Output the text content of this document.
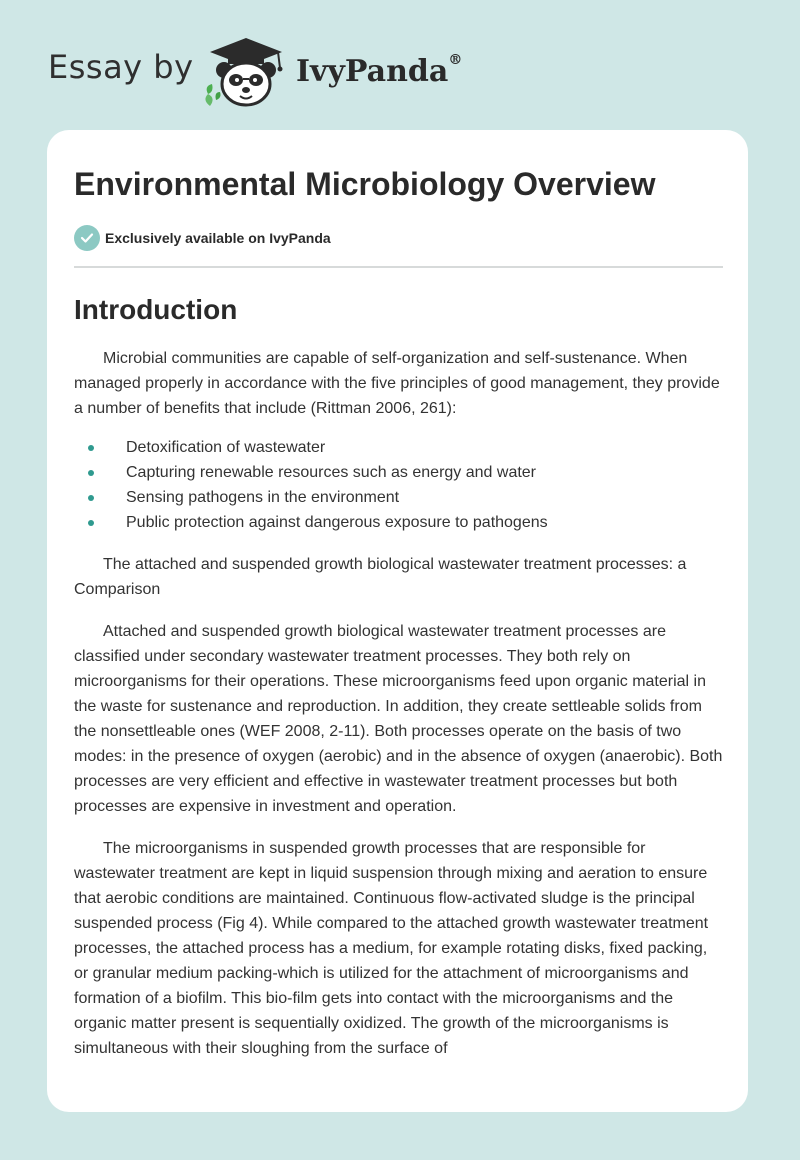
Essay by	IvyPanda®
Environmental Microbiology Overview
Exclusively available on IvyPanda
Introduction

Microbial communities are capable of self-organization and self-sustenance. When managed properly in accordance with the five principles of good management, they provide a number of benefits that include (Rittman 2006, 261):

Detoxification of wastewater
Capturing renewable resources such as energy and water
Sensing pathogens in the environment
Public protection against dangerous exposure to pathogens

The attached and suspended growth biological wastewater treatment processes: a Comparison

Attached and suspended growth biological wastewater treatment processes are classified under secondary wastewater treatment processes. They both rely on microorganisms for their operations. These microorganisms feed upon organic material in the waste for sustenance and reproduction. In addition, they create settleable solids from the nonsettleable ones (WEF 2008, 2-11). Both processes operate on the basis of two modes: in the presence of oxygen (aerobic) and in the absence of oxygen (anaerobic). Both processes are very efficient and effective in wastewater treatment processes but both processes are expensive in investment and operation.

The microorganisms in suspended growth processes that are responsible for wastewater treatment are kept in liquid suspension through mixing and aeration to ensure that aerobic conditions are maintained. Continuous flow-activated sludge is the principal suspended process (Fig 4). While compared to the attached growth wastewater treatment processes, the attached process has a medium, for example rotating disks, fixed packing, or granular medium packing-which is utilized for the attachment of microorganisms and formation of a biofilm. This bio-film gets into contact with the microorganisms and the organic matter present is sequentially oxidized. The growth of the microorganisms is simultaneous with their sloughing from the surface of
